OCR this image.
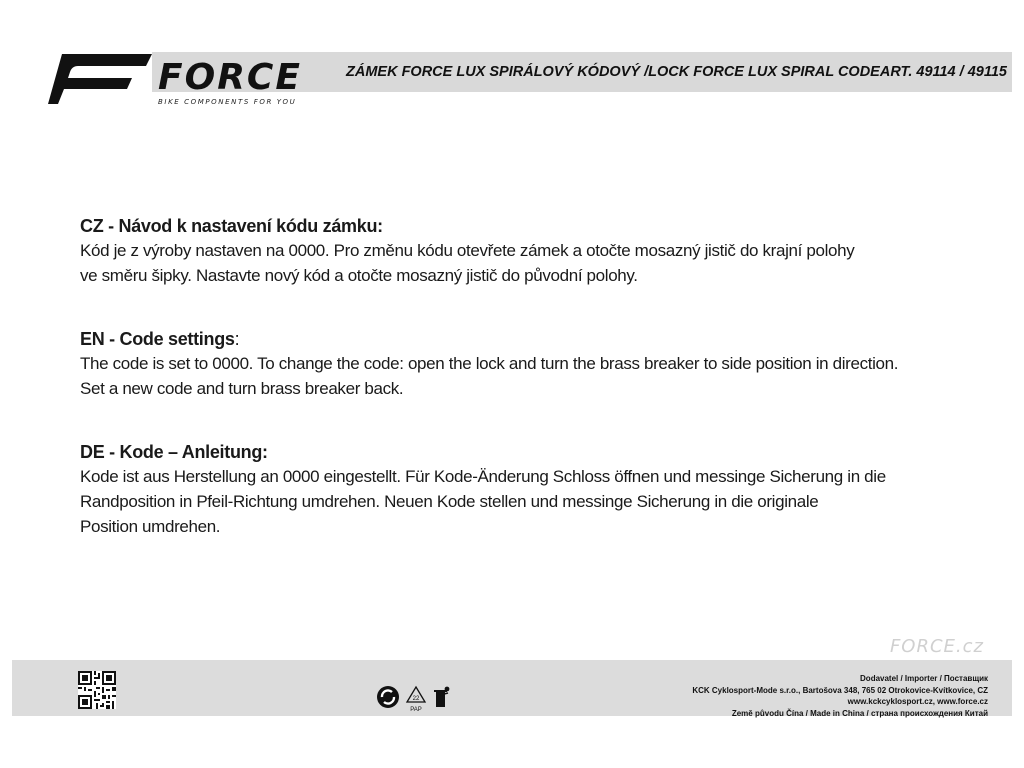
FORCE
BIKE COMPONENTS FOR YOU
ZÁMEK FORCE LUX SPIRÁLOVÝ KÓDOVÝ / LOCK FORCE LUX SPIRAL CODE ART. 49114 / 49115
CZ - Návod k nastavení kódu zámku:

Kód je z výroby nastaven na 0000. Pro změnu kódu otevřete zámek a otočte mosazný jistič do krajní polohy

ve směru šipky. Nastavte nový kód a otočte mosazný jistič do původní polohy.

EN - Code settings:

The code is set to 0000. To change the code: open the lock and turn the brass breaker to side position in direction.

Set a new code and turn brass breaker back.

DE - Kode – Anleitung:

Kode ist aus Herstellung an 0000 eingestellt. Für Kode-Änderung Schloss öffnen und messinge Sicherung in die

Randposition in Pfeil-Richtung umdrehen. Neuen Kode stellen und messinge Sicherung in die originale

Position umdrehen.

FORCE.cz
22
PAP
Dodavatel / Importer / Поставщик
KCK Cyklosport-Mode s.r.o., Bartošova 348, 765 02 Otrokovice-Kvítkovice, CZ
www.kckcyklosport.cz, www.force.cz
Země původu Čína / Made in China / страна происхождения Китай
